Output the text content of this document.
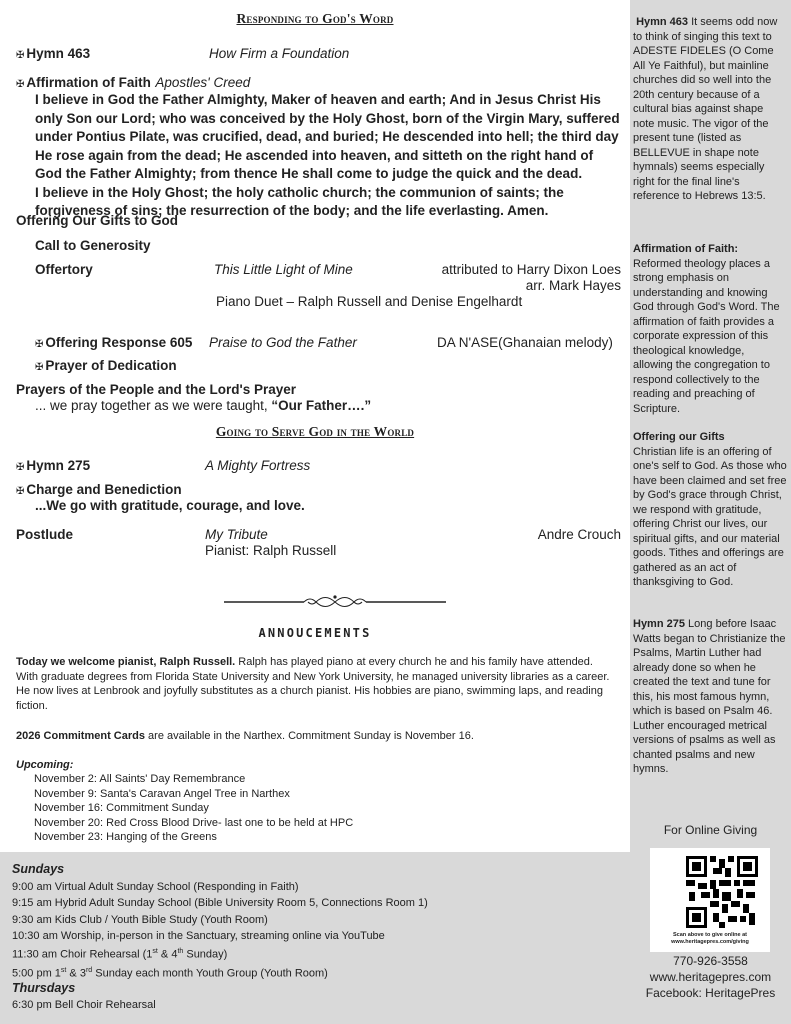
Responding to God's Word
✠ Hymn 463	How Firm a Foundation
✠ Affirmation of Faith Apostles' Creed
I believe in God the Father Almighty, Maker of heaven and earth; And in Jesus Christ His
only Son our Lord; who was conceived by the Holy Ghost, born of the Virgin Mary, suffered
under Pontius Pilate, was crucified, dead, and buried; He descended into hell; the third day
He rose again from the dead; He ascended into heaven, and sitteth on the right hand of
God the Father Almighty; from thence He shall come to judge the quick and the dead.
I believe in the Holy Ghost; the holy catholic church; the communion of saints; the
forgiveness of sins; the resurrection of the body; and the life everlasting. Amen.
Offering Our Gifts to God
Call to Generosity
Offertory	This Little Light of Mine	attributed to Harry Dixon Loes
arr. Mark Hayes
Piano Duet – Ralph Russell and Denise Engelhardt
✠ Offering Response 605 Praise to God the Father	DA N'ASE(Ghanaian melody)
✠ Prayer of Dedication
Prayers of the People and the Lord's Prayer
... we pray together as we were taught, “Our Father….”
Going to Serve God in the World
✠ Hymn 275	A Mighty Fortress
✠ Charge and Benediction
...We go with gratitude, courage, and love.
Postlude	My Tribute	Andre Crouch
Pianist: Ralph Russell
ANNOUCEMENTS
Today we welcome pianist, Ralph Russell. Ralph has played piano at every church he and his family have attended. With graduate degrees from Florida State University and New York University, he managed university libraries as a career. He now lives at Lenbrook and joyfully substitutes as a church pianist. His hobbies are piano, swimming laps, and reading fiction.
2026 Commitment Cards are available in the Narthex. Commitment Sunday is November 16.
Upcoming:
November 2: All Saints' Day Remembrance
November 9: Santa's Caravan Angel Tree in Narthex
November 16: Commitment Sunday
November 20: Red Cross Blood Drive- last one to be held at HPC
November 23: Hanging of the Greens
Sundays
9:00 am Virtual Adult Sunday School (Responding in Faith)
9:15 am Hybrid Adult Sunday School (Bible University Room 5, Connections Room 1)
9:30 am Kids Club / Youth Bible Study (Youth Room)
10:30 am Worship, in-person in the Sanctuary, streaming online via YouTube
11:30 am Choir Rehearsal (1st & 4th Sunday)
5:00 pm 1st & 3rd Sunday each month Youth Group (Youth Room)
Thursdays
6:30 pm Bell Choir Rehearsal
Hymn 463 It seems odd now to think of singing this text to ADESTE FIDELES (O Come All Ye Faithful), but mainline churches did so well into the 20th century because of a cultural bias against shape note music. The vigor of the present tune (listed as BELLEVUE in shape note hymnals) seems especially right for the final line's reference to Hebrews 13:5.
Affirmation of Faith:
Reformed theology places a strong emphasis on understanding and knowing God through God's Word. The affirmation of faith provides a corporate expression of this theological knowledge, allowing the congregation to respond collectively to the reading and preaching of Scripture.
Offering our Gifts
Christian life is an offering of one's self to God. As those who have been claimed and set free by God's grace through Christ, we respond with gratitude, offering Christ our lives, our spiritual gifts, and our material goods. Tithes and offerings are gathered as an act of thanksgiving to God.
Hymn 275 Long before Isaac Watts began to Christianize the Psalms, Martin Luther had already done so when he created the text and tune for this, his most famous hymn, which is based on Psalm 46. Luther encouraged metrical versions of psalms as well as chanted psalms and new hymns.
For Online Giving
Scan above to give online at
www.heritagepres.com/giving
770-926-3558
www.heritagepres.com
Facebook: HeritagePres
